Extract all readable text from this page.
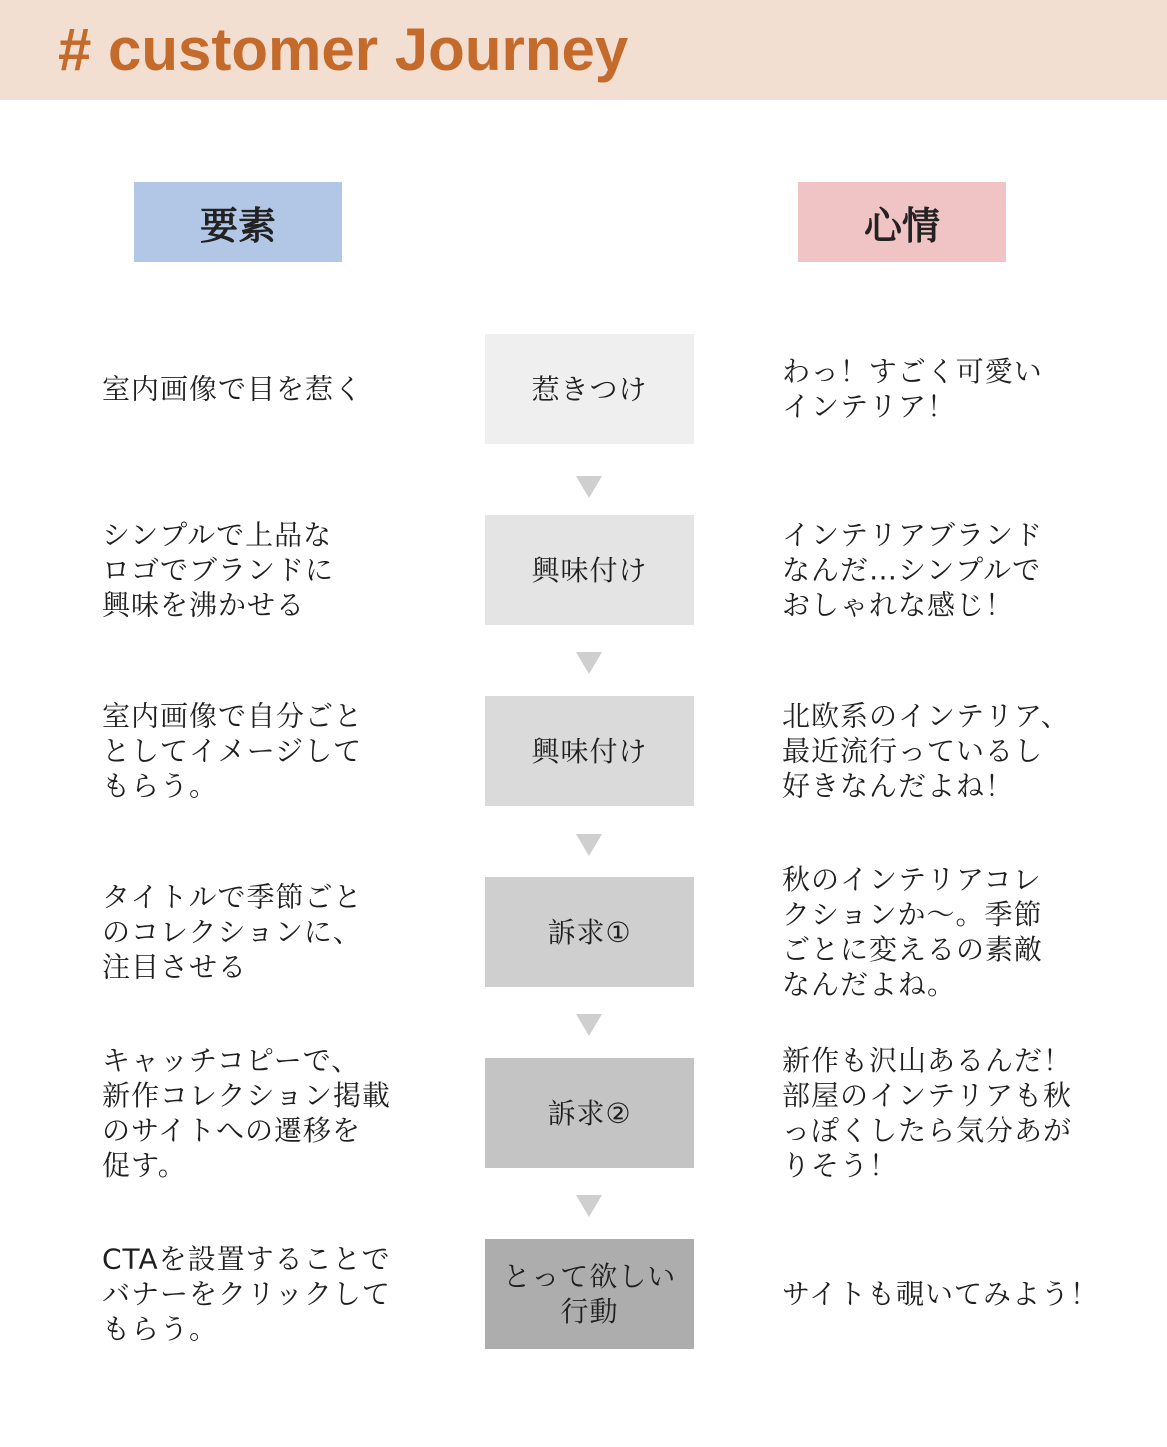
# customer Journey
要素	心情
室内画像で目を惹く	惹きつけ
わっ！すごく可愛い
インテリア！
シンプルで上品な
ロゴでブランドに
興味を沸かせる
興味付け
インテリアブランド
なんだ…シンプルで
おしゃれな感じ！
室内画像で自分ごと
としてイメージして
もらう。
興味付け
北欧系のインテリア、
最近流行っているし
好きなんだよね！
タイトルで季節ごと
のコレクションに、
注目させる
訴求①
秋のインテリアコレ
クションか〜。季節
ごとに変えるの素敵
なんだよね。
キャッチコピーで、
新作コレクション掲載
のサイトへの遷移を
促す。
訴求②
新作も沢山あるんだ！
部屋のインテリアも秋
っぽくしたら気分あが
りそう！
CTAを設置することで
バナーをクリックして
もらう。
とって欲しい
行動
サイトも覗いてみよう！
